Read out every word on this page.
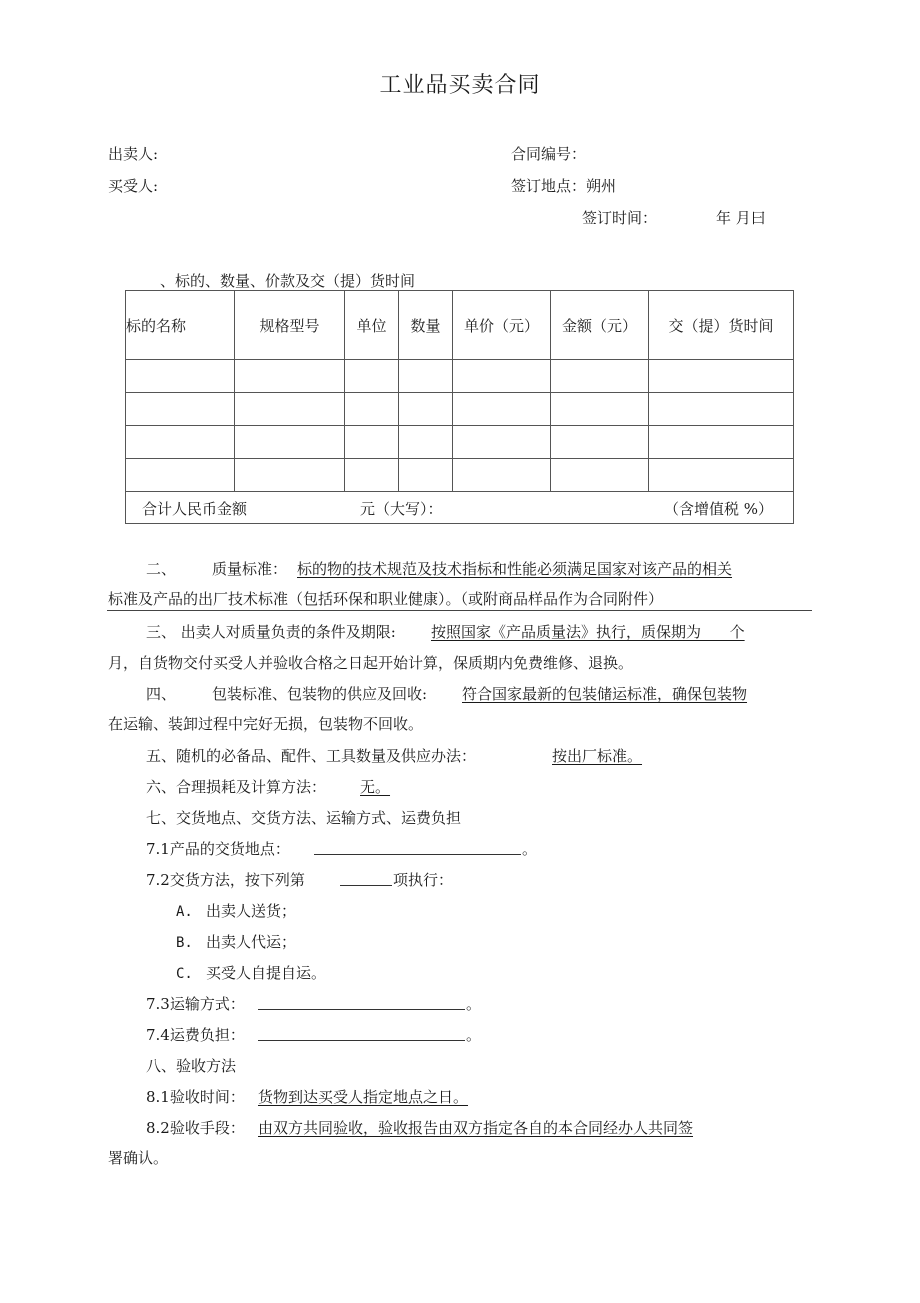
工业品买卖合同
出卖人:	合同编号：
买受人:	签订地点：朔州
签订时间：	年 月曰
、标的、数量、价款及交（提）货时间
标的名称	规格型号	单位	数量	单价（元）	金额（元）	交（提）货时间

合计人民币金额 元（大写）： （含增值税 %）						
二、 质量标准： 标的物的技术规范及技术指标和性能必须满足国家对该产品的相关
标准及产品的出厂技术标准（包括环保和职业健康）。（或附商品样品作为合同附件）
三、 出卖人对质量负责的条件及期限: 按照国家《产品质量法》执行，质保期为      个
月，自货物交付买受人并验收合格之日起开始计算，保质期内免费维修、退换。
四、 包装标准、包装物的供应及回收: 符合国家最新的包装储运标准，确保包装物
在运输、装卸过程中完好无损，包装物不回收。
五、随机的必备品、配件、工具数量及供应办法：	按出厂标准。
六、合理损耗及计算方法： 无。
七、交货地点、交货方法、运输方式、运费负担
7.1产品的交货地点：	。
7.2交货方法，按下列第	项执行：
A. 出卖人送货；
B. 出卖人代运；
C. 买受人自提自运。
7.3运输方式：	。
7.4运费负担：	。
八、验收方法
8.1验收时间： 货物到达买受人指定地点之日。
8.2验收手段： 由双方共同验收，验收报告由双方指定各自的本合同经办人共同签
署确认。
